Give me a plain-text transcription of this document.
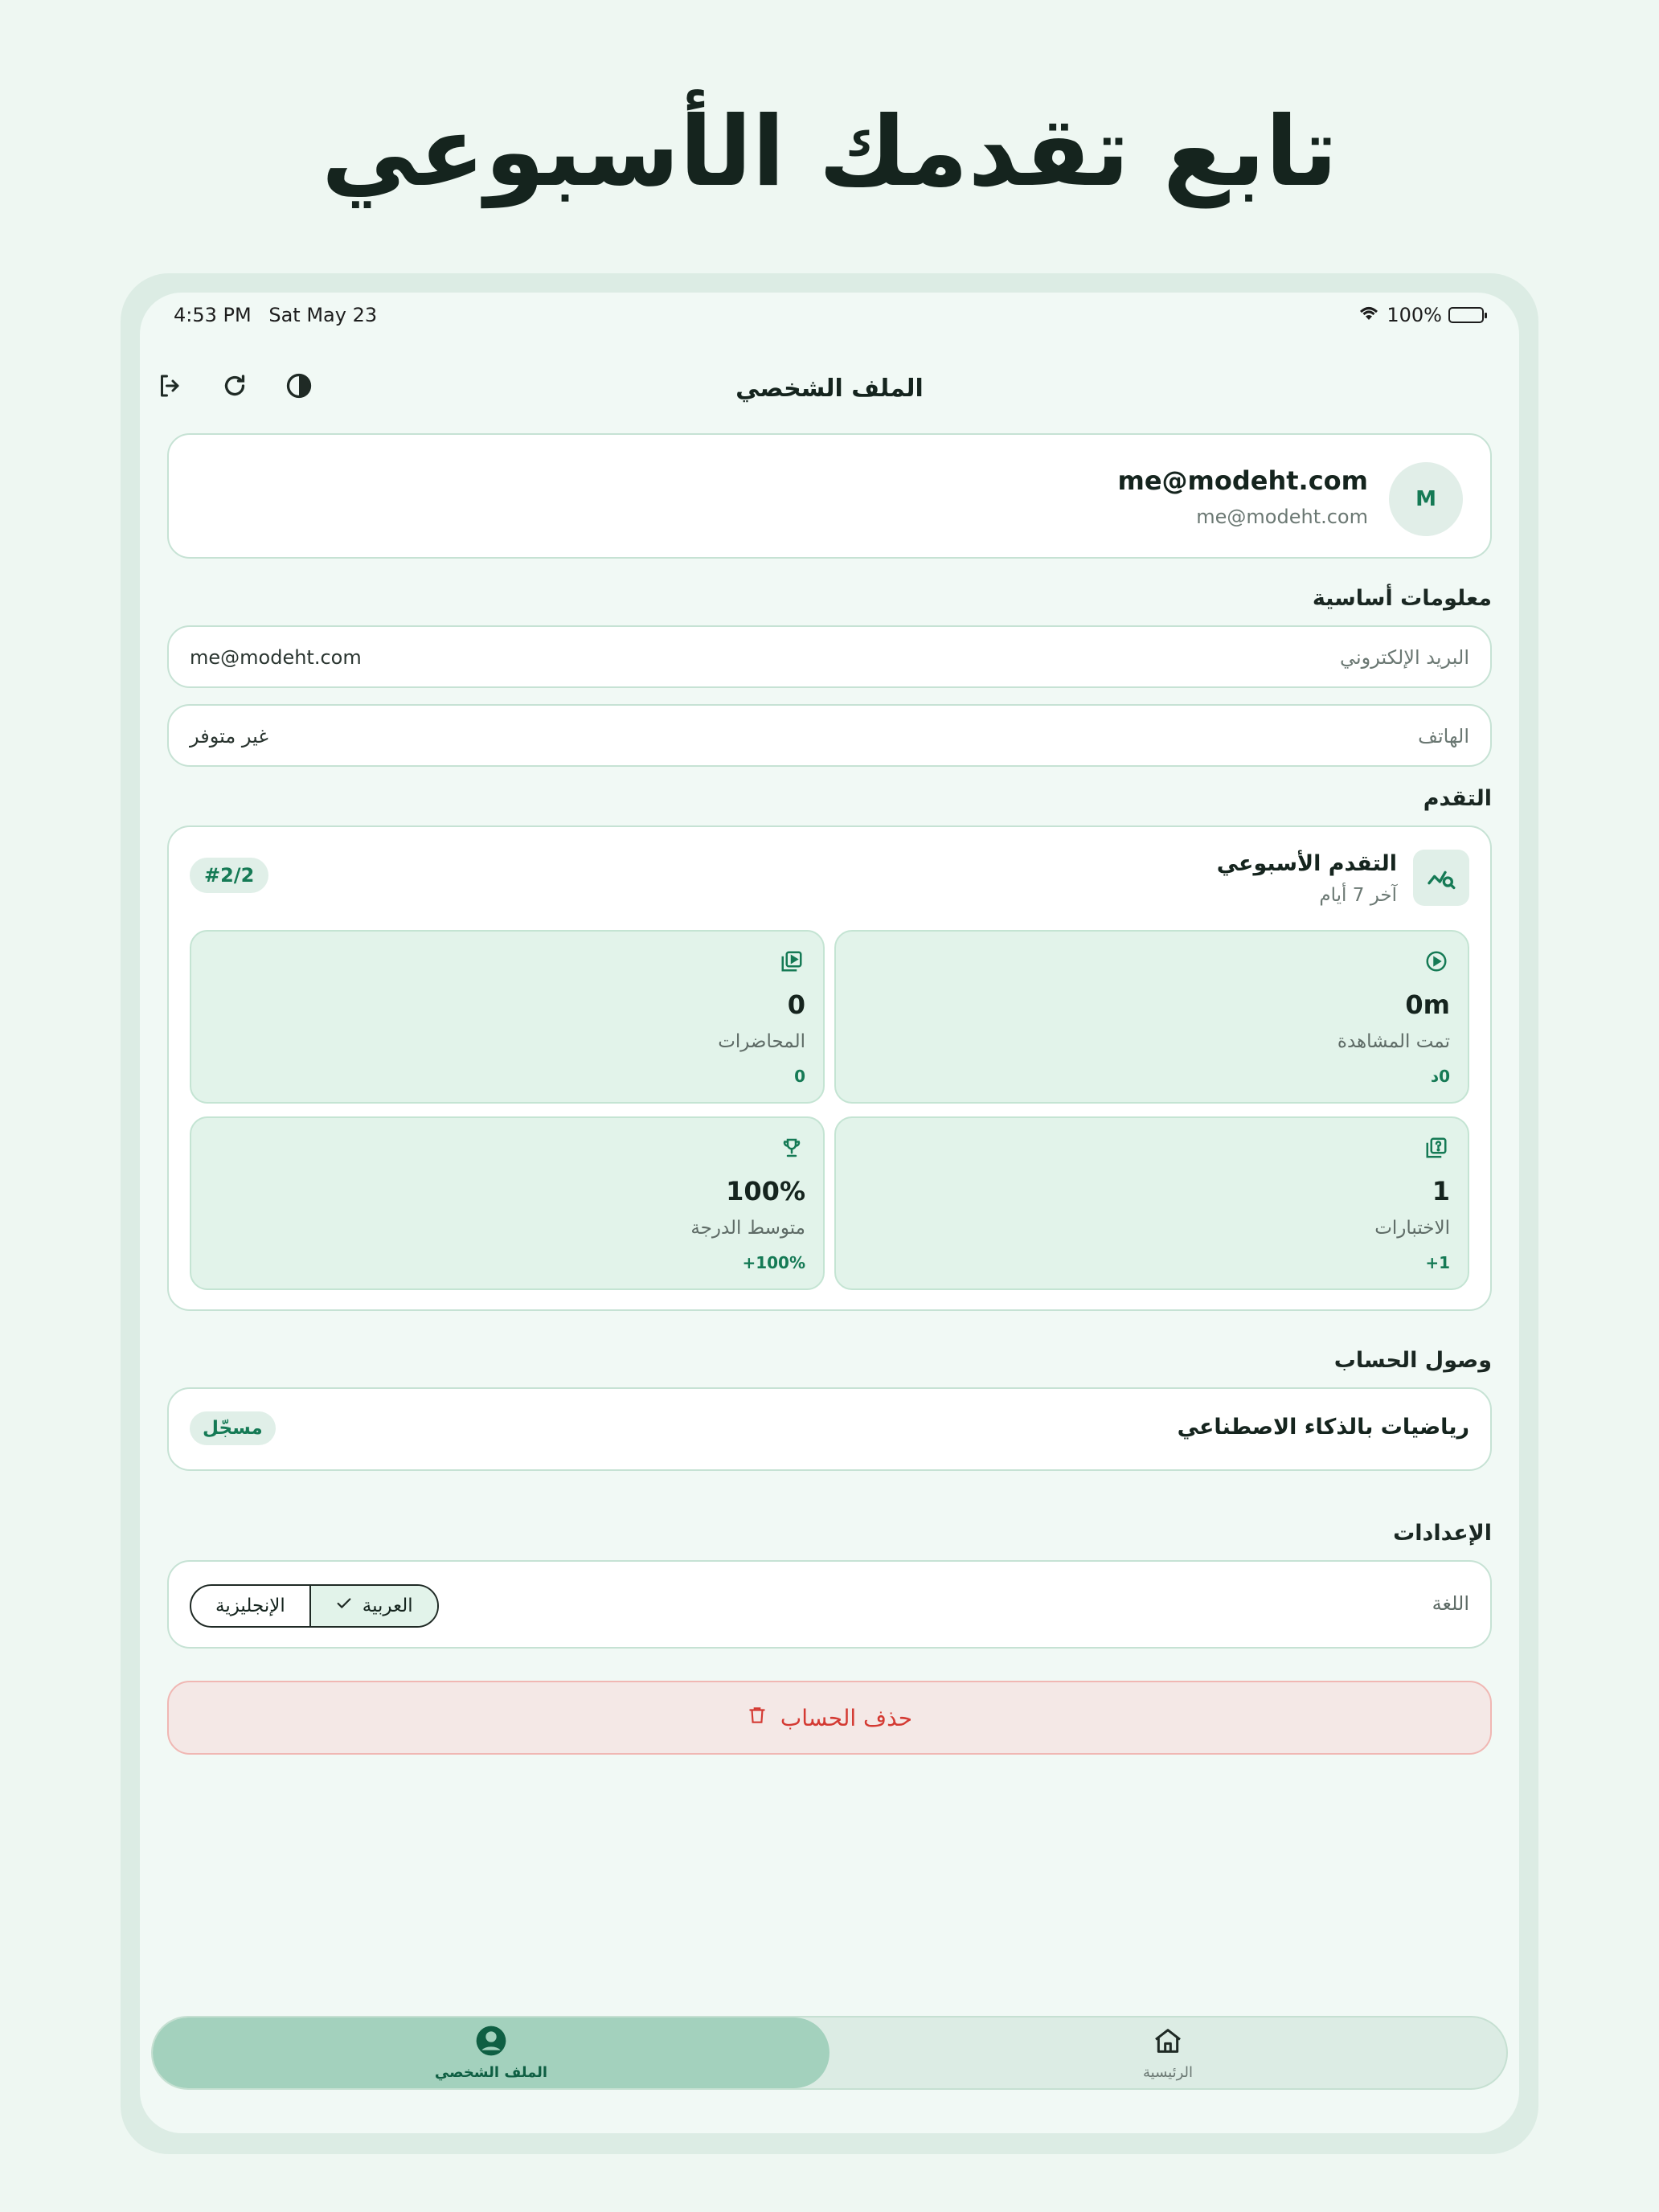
تابع تقدمك الأسبوعي
4:53 PM Sat May 23	100%
الملف الشخصي
M
me@modeht.com
me@modeht.com
معلومات أساسية
البريد الإلكتروني
me@modeht.com
الهاتف
غير متوفر
التقدم
التقدم الأسبوعي
آخر 7 أيام
#2/2
0m
تمت المشاهدة
0د
0
المحاضرات
0
1
الاختبارات
1+
100%
متوسط الدرجة
100%+
وصول الحساب
رياضيات بالذكاء الاصطناعي
مسجّل
الإعدادات
اللغة
العربية
الإنجليزية
حذف الحساب
الرئيسية
الملف الشخصي
